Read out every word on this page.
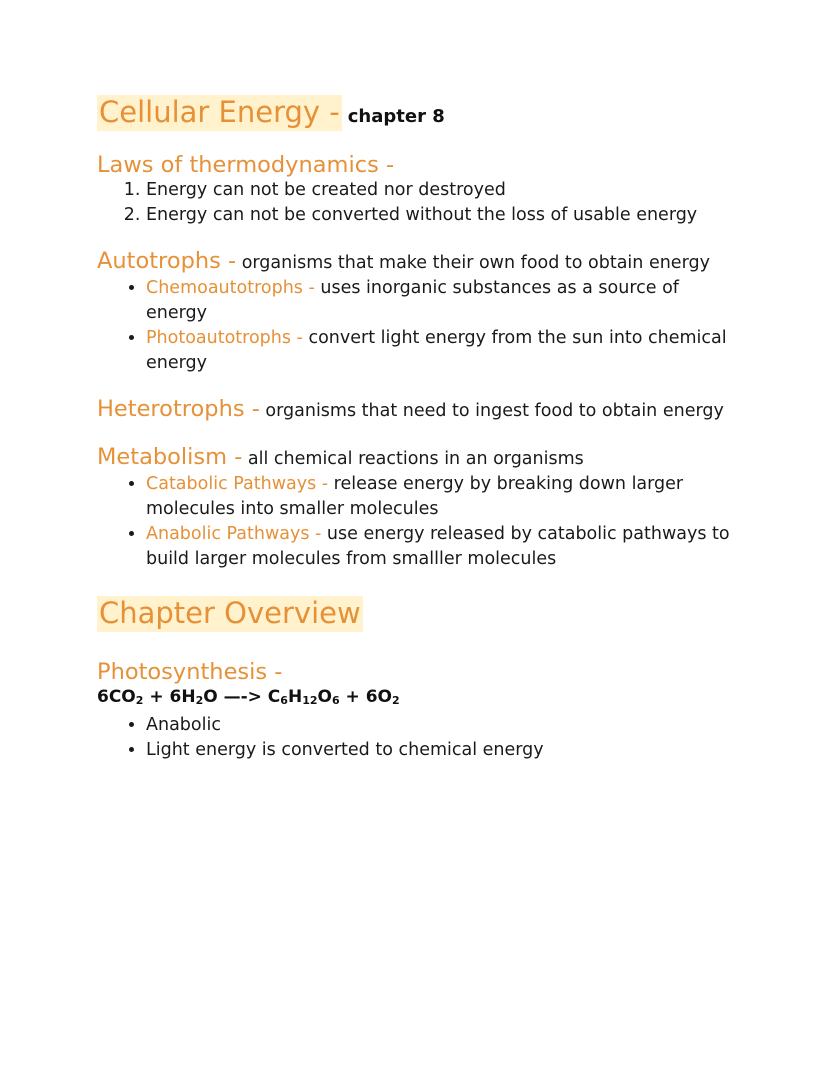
Cellular Energy - chapter 8
Laws of thermodynamics -
1. Energy can not be created nor destroyed
2. Energy can not be converted without the loss of usable energy
Autotrophs - organisms that make their own food to obtain energy
• Chemoautotrophs - uses inorganic substances as a source of energy
• Photoautotrophs - convert light energy from the sun into chemical energy
Heterotrophs - organisms that need to ingest food to obtain energy
Metabolism - all chemical reactions in an organisms
• Catabolic Pathways - release energy by breaking down larger molecules into smaller molecules
• Anabolic Pathways - use energy released by catabolic pathways to build larger molecules from smalller molecules
Chapter Overview
Photosynthesis -
$6CO_2 + 6H_2O$ —-> $C_6H_{12}O_6 + 6O_2$
• Anabolic
• Light energy is converted to chemical energy
